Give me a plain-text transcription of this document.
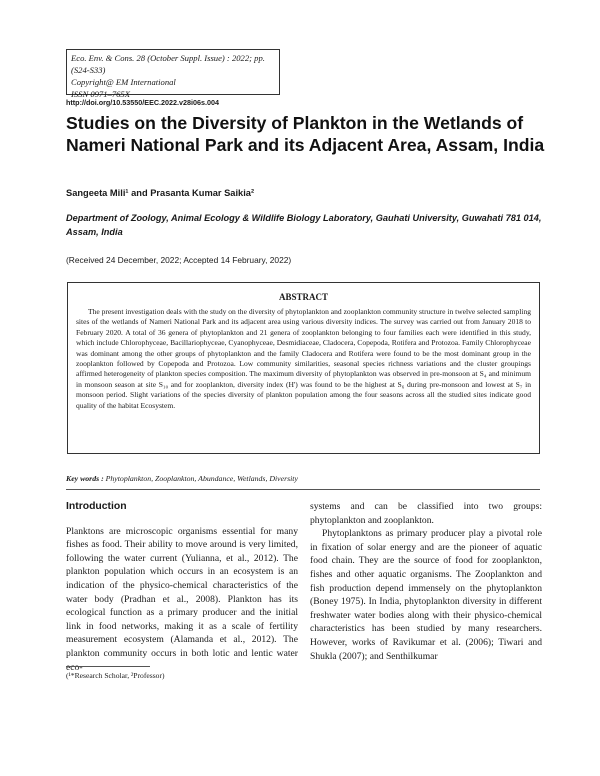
Eco. Env. & Cons. 28 (October Suppl. Issue) : 2022; pp. (S24-S33)
Copyright@ EM International
ISSN 0971–765X
http://doi.org/10.53550/EEC.2022.v28i06s.004
Studies on the Diversity of Plankton in the Wetlands of Nameri National Park and its Adjacent Area, Assam, India
Sangeeta Mili¹ and Prasanta Kumar Saikia²
Department of Zoology, Animal Ecology & Wildlife Biology Laboratory, Gauhati University, Guwahati 781 014, Assam, India
(Received 24 December, 2022; Accepted 14 February, 2022)
ABSTRACT

The present investigation deals with the study on the diversity of phytoplankton and zooplankton community structure in twelve selected sampling sites of the wetlands of Nameri National Park and its adjacent area using various diversity indices. The survey was carried out from January 2018 to February 2020. A total of 36 genera of phytoplankton and 21 genera of zooplankton belonging to four families each were identified in this study, which include Chlorophyceae, Bacillariophyceae, Cyanophyceae, Desmidiaceae, Cladocera, Copepoda, Rotifera and Protozoa. Family Chlorophyceae was dominant among the other groups of phytoplankton and the family Cladocera and Rotifera were found to be the most dominant group in the zooplankton followed by Copepoda and Protozoa. Low community similarities, seasonal species richness variations and the cluster groupings affirmed heterogeneity of plankton species composition. The maximum diversity of phytoplankton was observed in pre-monsoon at S₄ and minimum in monsoon season at site S₁₀ and for zooplankton, diversity index (H') was found to be the highest at S₆ during pre-monsoon and lowest at S₇ in monsoon period. Slight variations of the species diversity of plankton population among the four seasons across all the studied sites indicate good quality of the habitat Ecosystem.

Key words : Phytoplankton, Zooplankton, Abundance, Wetlands, Diversity
Introduction

Planktons are microscopic organisms essential for many fishes as food. Their ability to move around is very limited, following the water current (Yulianna, et al., 2012). The plankton population which occurs in an ecosystem is an indication of the physico-chemical characteristics of the water body (Pradhan et al., 2008). Plankton has its ecological function as a primary producer and the initial link in food networks, making it as a scale of fertility measurement ecosystem (Alamanda et al., 2012). The plankton community occurs in both lotic and lentic water eco-

systems and can be classified into two groups: phytoplankton and zooplankton.

Phytoplanktons as primary producer play a pivotal role in fixation of solar energy and are the pioneer of aquatic food chain. They are the source of food for zooplankton, fishes and other aquatic organisms. The Zooplankton and fish production depend immensely on the phytoplankton (Boney 1975). In India, phytoplankton diversity in different freshwater water bodies along with their physico-chemical characteristics has been studied by many researchers. However, works of Ravikumar et al. (2006); Tiwari and Shukla (2007); and Senthilkumar

(¹*Research Scholar, ²Professor)
